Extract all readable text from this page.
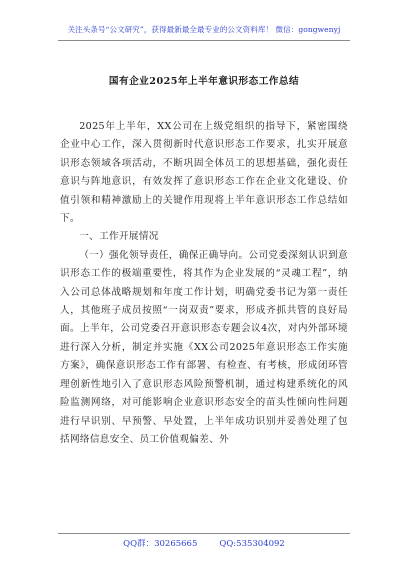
关注头条号“公文研究”，获得最新最全最专业的公文资料库！ 微信：gongwenyj
国有企业2025年上半年意识形态工作总结

2025年上半年，XX公司在上级党组织的指导下，紧密围绕企业中心工作，深入贯彻新时代意识形态工作要求，扎实开展意识形态领域各项活动，不断巩固全体员工的思想基础，强化责任意识与阵地意识，有效发挥了意识形态工作在企业文化建设、价值引领和精神激励上的关键作用现将上半年意识形态工作总结如下。

一、工作开展情况

（一）强化领导责任，确保正确导向。公司党委深刻认识到意识形态工作的极端重要性，将其作为企业发展的“灵魂工程”，纳入公司总体战略规划和年度工作计划，明确党委书记为第一责任人，其他班子成员按照“一岗双责”要求，形成齐抓共管的良好局面。上半年，公司党委召开意识形态专题会议4次，对内外部环境进行深入分析，制定并实施《XX公司2025年意识形态工作实施方案》，确保意识形态工作有部署、有检查、有考核，形成闭环管理创新性地引入了意识形态风险预警机制，通过构建系统化的风险监测网络，对可能影响企业意识形态安全的苗头性倾向性问题进行早识别、早预警、早处置，上半年成功识别并妥善处理了包括网络信息安全、员工价值观偏差、外

QQ群：30265665	QQ:535304092
